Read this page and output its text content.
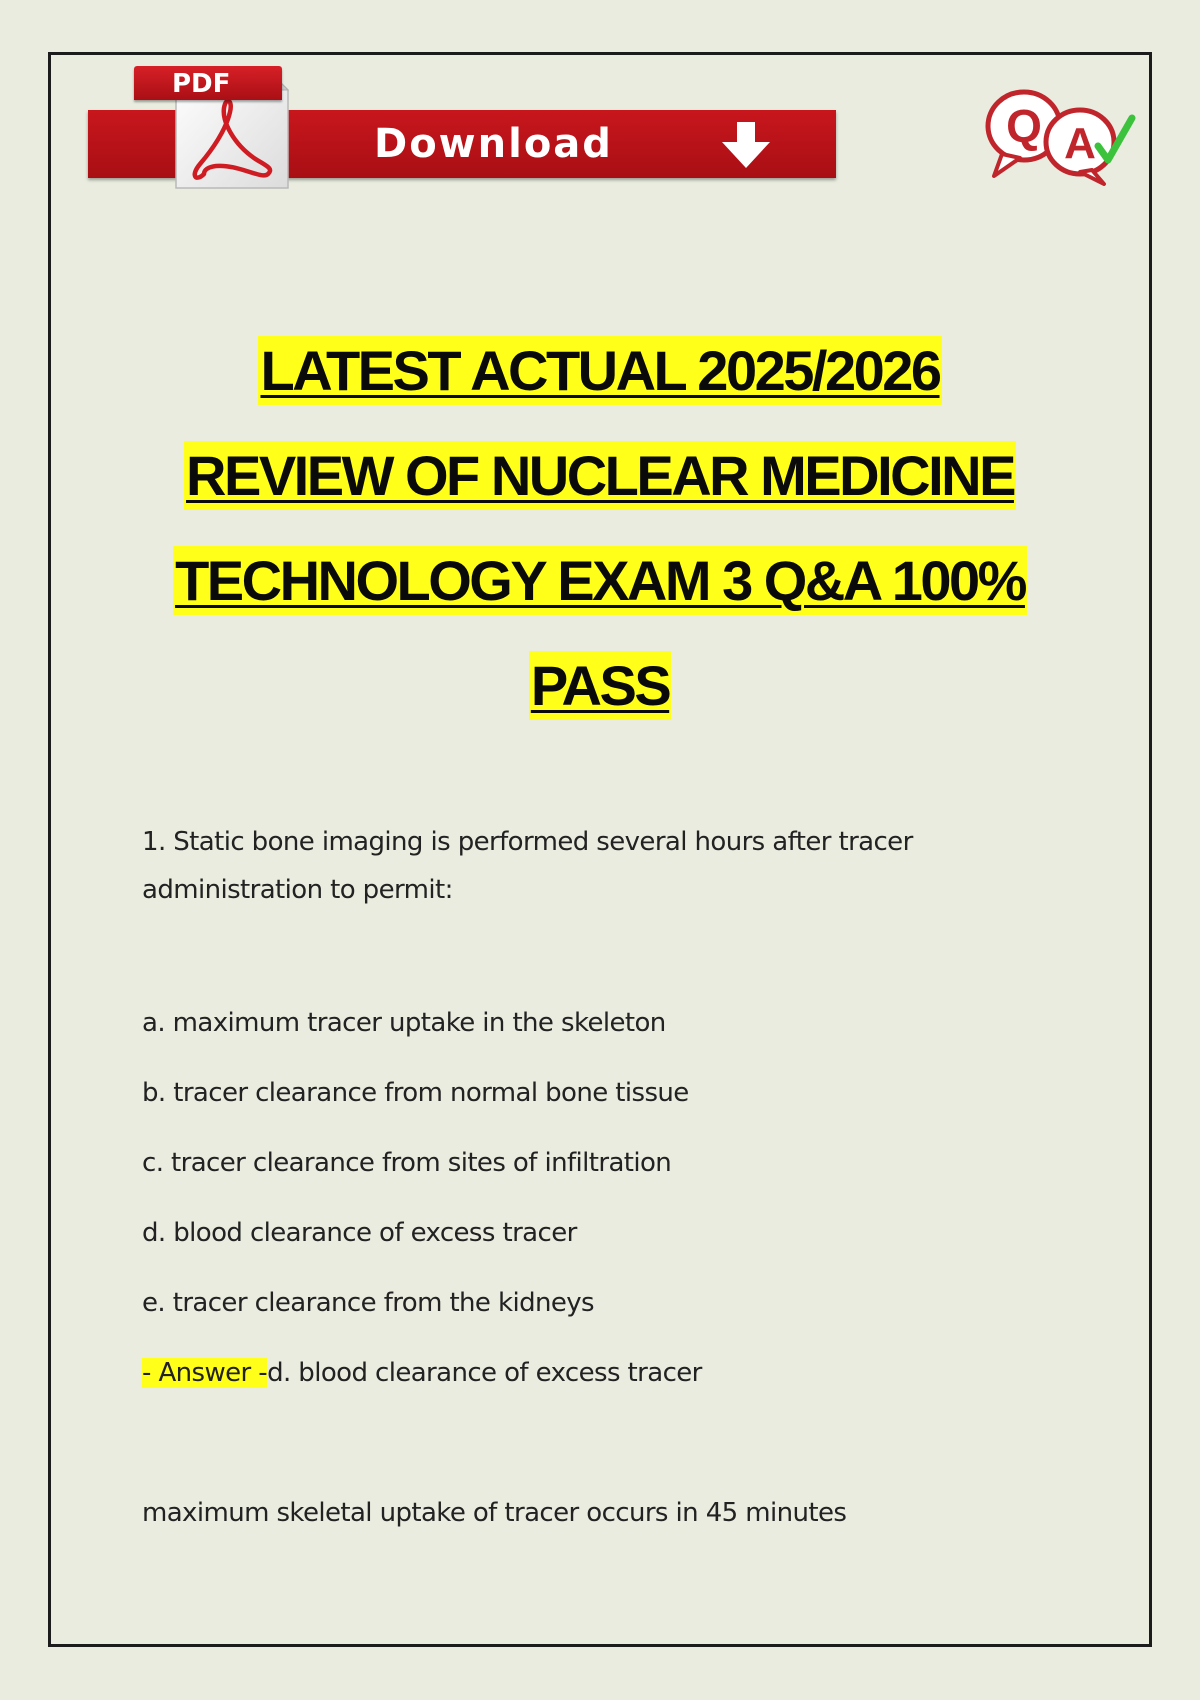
Download
PDF
Q A
LATEST ACTUAL 2025/2026
REVIEW OF NUCLEAR MEDICINE
TECHNOLOGY EXAM 3 Q&A 100%
PASS
1. Static bone imaging is performed several hours after tracer administration to permit:
a. maximum tracer uptake in the skeleton
b. tracer clearance from normal bone tissue
c. tracer clearance from sites of infiltration
d. blood clearance of excess tracer
e. tracer clearance from the kidneys
- Answer -d. blood clearance of excess tracer
maximum skeletal uptake of tracer occurs in 45 minutes
